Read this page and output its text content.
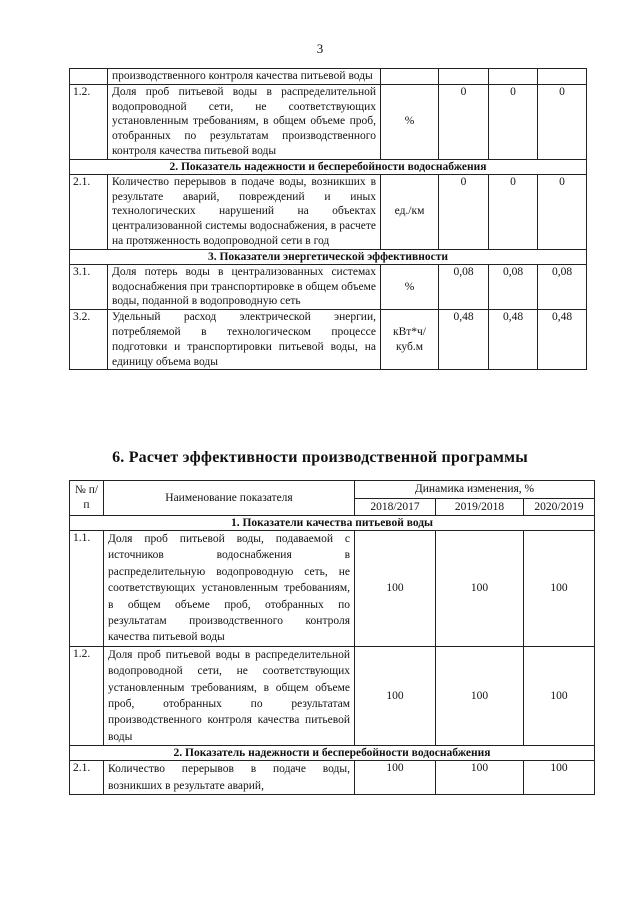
3
	производственного контроля качества питьевой воды				
1.2.	Доля проб питьевой воды в распределительной водопроводной сети, не соответствующих установленным требованиям, в общем объеме проб, отобранных по результатам производственного контроля качества питьевой воды	%	0	0	0
2. Показатель надежности и бесперебойности водоснабжения					
2.1.	Количество перерывов в подаче воды, возникших в результате аварий, повреждений и иных технологических нарушений на объектах централизованной системы водоснабжения, в расчете на протяженность водопроводной сети в год	ед./км	0	0	0
3. Показатели энергетической эффективности					
3.1.	Доля потерь воды в централизованных системах водоснабжения при транспортировке в общем объеме воды, поданной в водопроводную сеть	%	0,08	0,08	0,08
3.2.	Удельный расход электрической энергии, потребляемой в технологическом процессе подготовки и транспортировки питьевой воды, на единицу объема воды	кВт*ч/куб.м	0,48	0,48	0,48
6. Расчет эффективности производственной программы
№ п/п	Наименование показателя	Динамика изменения, %		
		2018/2017	2019/2018	2020/2019
1. Показатели качества питьевой воды				
1.1.	Доля проб питьевой воды, подаваемой с источников водоснабжения в распределительную водопроводную сеть, не соответствующих установленным требованиям, в общем объеме проб, отобранных по результатам производственного контроля качества питьевой воды	100	100	100
1.2.	Доля проб питьевой воды в распределительной водопроводной сети, не соответствующих установленным требованиям, в общем объеме проб, отобранных по результатам производственного контроля качества питьевой воды	100	100	100
2. Показатель надежности и бесперебойности водоснабжения				
2.1.	Количество перерывов в подаче воды, возникших в результате аварий,	100	100	100
